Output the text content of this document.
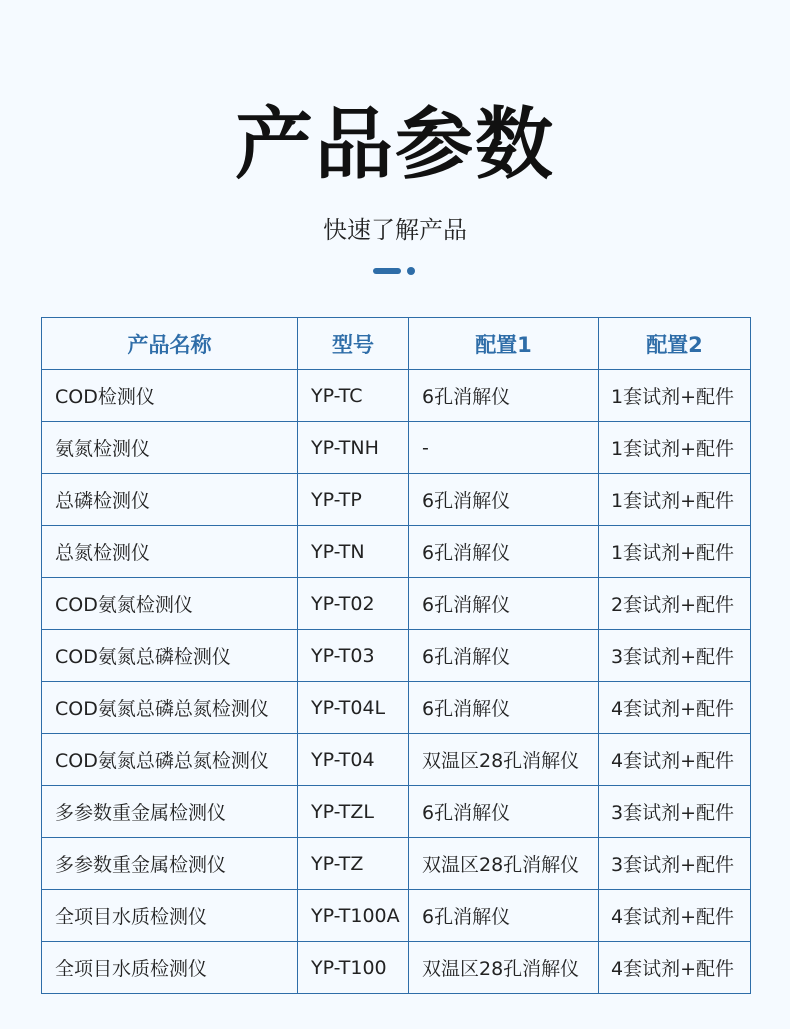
产品参数
快速了解产品
产品名称	型号	配置1	配置2
COD检测仪	YP-TC	6孔消解仪	1套试剂+配件
氨氮检测仪	YP-TNH	-	1套试剂+配件
总磷检测仪	YP-TP	6孔消解仪	1套试剂+配件
总氮检测仪	YP-TN	6孔消解仪	1套试剂+配件
COD氨氮检测仪	YP-T02	6孔消解仪	2套试剂+配件
COD氨氮总磷检测仪	YP-T03	6孔消解仪	3套试剂+配件
COD氨氮总磷总氮检测仪	YP-T04L	6孔消解仪	4套试剂+配件
COD氨氮总磷总氮检测仪	YP-T04	双温区28孔消解仪	4套试剂+配件
多参数重金属检测仪	YP-TZL	6孔消解仪	3套试剂+配件
多参数重金属检测仪	YP-TZ	双温区28孔消解仪	3套试剂+配件
全项目水质检测仪	YP-T100A	6孔消解仪	4套试剂+配件
全项目水质检测仪	YP-T100	双温区28孔消解仪	4套试剂+配件
